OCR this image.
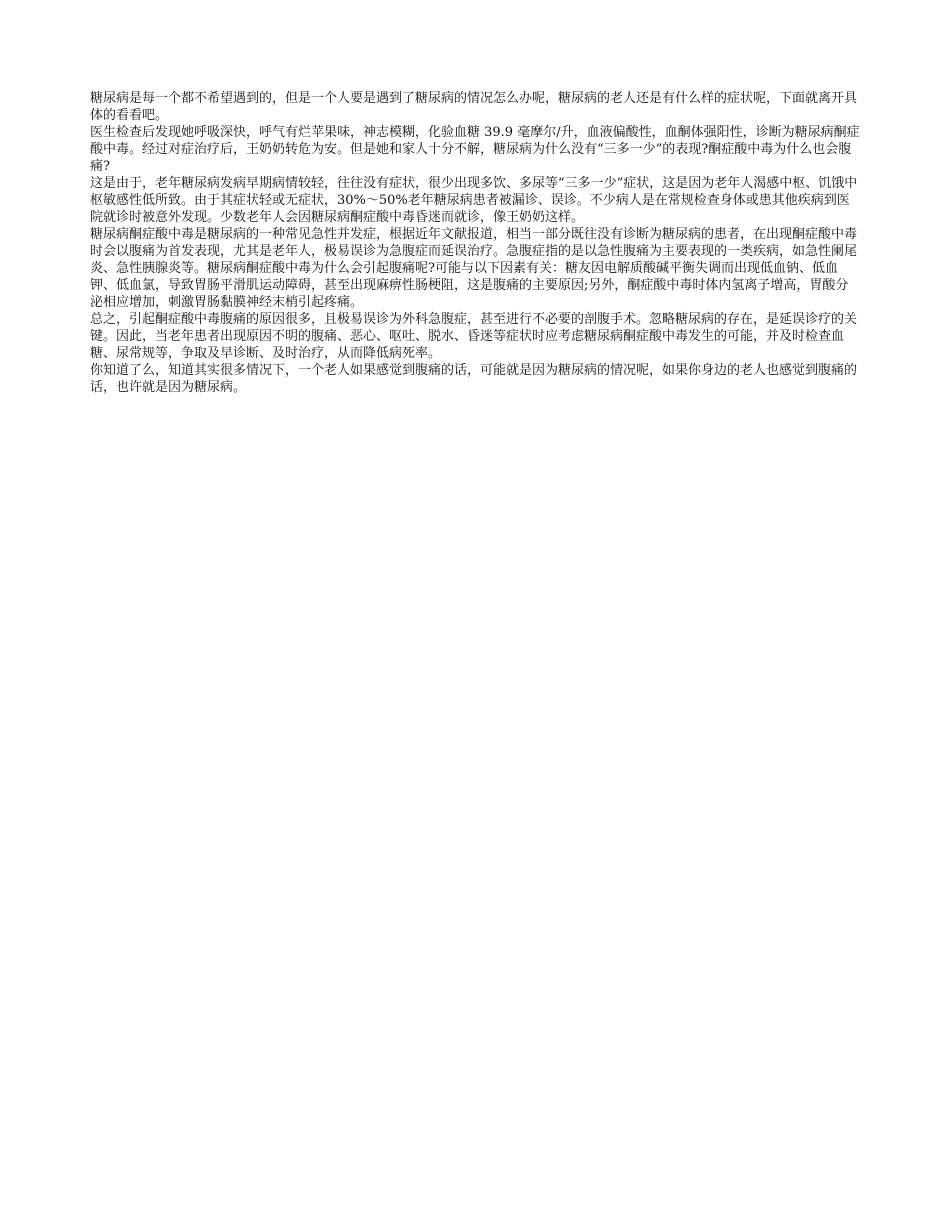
糖尿病是每一个都不希望遇到的，但是一个人要是遇到了糖尿病的情况怎么办呢，糖尿病的老人还是有什么样的症状呢，下面就离开具体的看看吧。

医生检查后发现她呼吸深快，呼气有烂苹果味，神志模糊，化验血糖 39.9 毫摩尔/升，血液偏酸性，血酮体强阳性，诊断为糖尿病酮症酸中毒。经过对症治疗后，王奶奶转危为安。但是她和家人十分不解，糖尿病为什么没有“三多一少”的表现?酮症酸中毒为什么也会腹痛?

这是由于，老年糖尿病发病早期病情较轻，往往没有症状，很少出现多饮、多尿等“三多一少”症状，这是因为老年人渴感中枢、饥饿中枢敏感性低所致。由于其症状轻或无症状，30%～50%老年糖尿病患者被漏诊、误诊。不少病人是在常规检查身体或患其他疾病到医院就诊时被意外发现。少数老年人会因糖尿病酮症酸中毒昏迷而就诊，像王奶奶这样。

糖尿病酮症酸中毒是糖尿病的一种常见急性并发症，根据近年文献报道，相当一部分既往没有诊断为糖尿病的患者，在出现酮症酸中毒时会以腹痛为首发表现，尤其是老年人，极易误诊为急腹症而延误治疗。急腹症指的是以急性腹痛为主要表现的一类疾病，如急性阑尾炎、急性胰腺炎等。糖尿病酮症酸中毒为什么会引起腹痛呢?可能与以下因素有关：糖友因电解质酸碱平衡失调而出现低血钠、低血钾、低血氯，导致胃肠平滑肌运动障碍，甚至出现麻痹性肠梗阻，这是腹痛的主要原因;另外，酮症酸中毒时体内氢离子增高，胃酸分泌相应增加，刺激胃肠黏膜神经末梢引起疼痛。

总之，引起酮症酸中毒腹痛的原因很多，且极易误诊为外科急腹症，甚至进行不必要的剖腹手术。忽略糖尿病的存在，是延误诊疗的关键。因此，当老年患者出现原因不明的腹痛、恶心、呕吐、脱水、昏迷等症状时应考虑糖尿病酮症酸中毒发生的可能，并及时检查血糖、尿常规等，争取及早诊断、及时治疗，从而降低病死率。

你知道了么，知道其实很多情况下，一个老人如果感觉到腹痛的话，可能就是因为糖尿病的情况呢，如果你身边的老人也感觉到腹痛的话，也许就是因为糖尿病。
